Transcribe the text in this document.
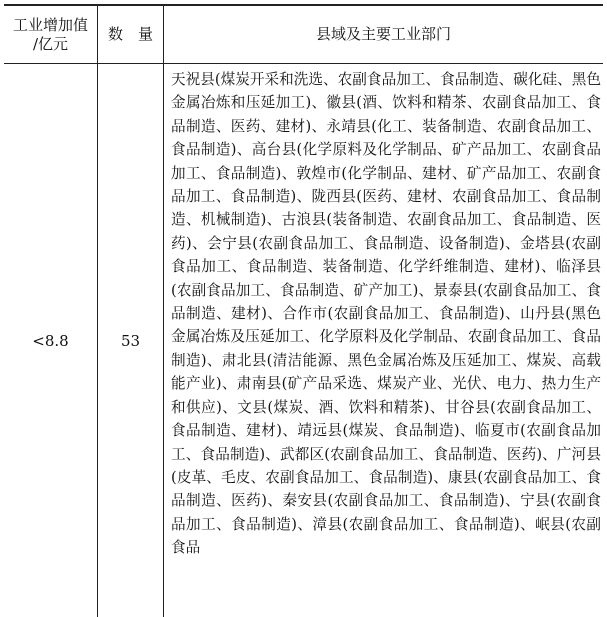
工业增加值
/亿元
数　量	县域及主要工业部门
<8.8	53
天祝县(煤炭开采和洗选、农副食品加工、食品制造、碳化硅、黑色金属冶炼和压延加工)、徽县(酒、饮料和精茶、农副食品加工、食品制造、医药、建材)、永靖县(化工、装备制造、农副食品加工、食品制造)、高台县(化学原料及化学制品、矿产品加工、农副食品加工、食品制造)、敦煌市(化学制品、建材、矿产品加工、农副食品加工、食品制造)、陇西县(医药、建材、农副食品加工、食品制造、机械制造)、古浪县(装备制造、农副食品加工、食品制造、医药)、会宁县(农副食品加工、食品制造、设备制造)、金塔县(农副食品加工、食品制造、装备制造、化学纤维制造、建材)、临泽县(农副食品加工、食品制造、矿产加工)、景泰县(农副食品加工、食品制造、建材)、合作市(农副食品加工、食品制造)、山丹县(黑色金属冶炼及压延加工、化学原料及化学制品、农副食品加工、食品制造)、肃北县(清洁能源、黑色金属冶炼及压延加工、煤炭、高载能产业)、肃南县(矿产品采选、煤炭产业、光伏、电力、热力生产和供应)、文县(煤炭、酒、饮料和精茶)、甘谷县(农副食品加工、食品制造、建材)、靖远县(煤炭、食品制造)、临夏市(农副食品加工、食品制造)、武都区(农副食品加工、食品制造、医药)、广河县(皮革、毛皮、农副食品加工、食品制造)、康县(农副食品加工、食品制造、医药)、秦安县(农副食品加工、食品制造)、宁县(农副食品加工、食品制造)、漳县(农副食品加工、食品制造)、岷县(农副食品
